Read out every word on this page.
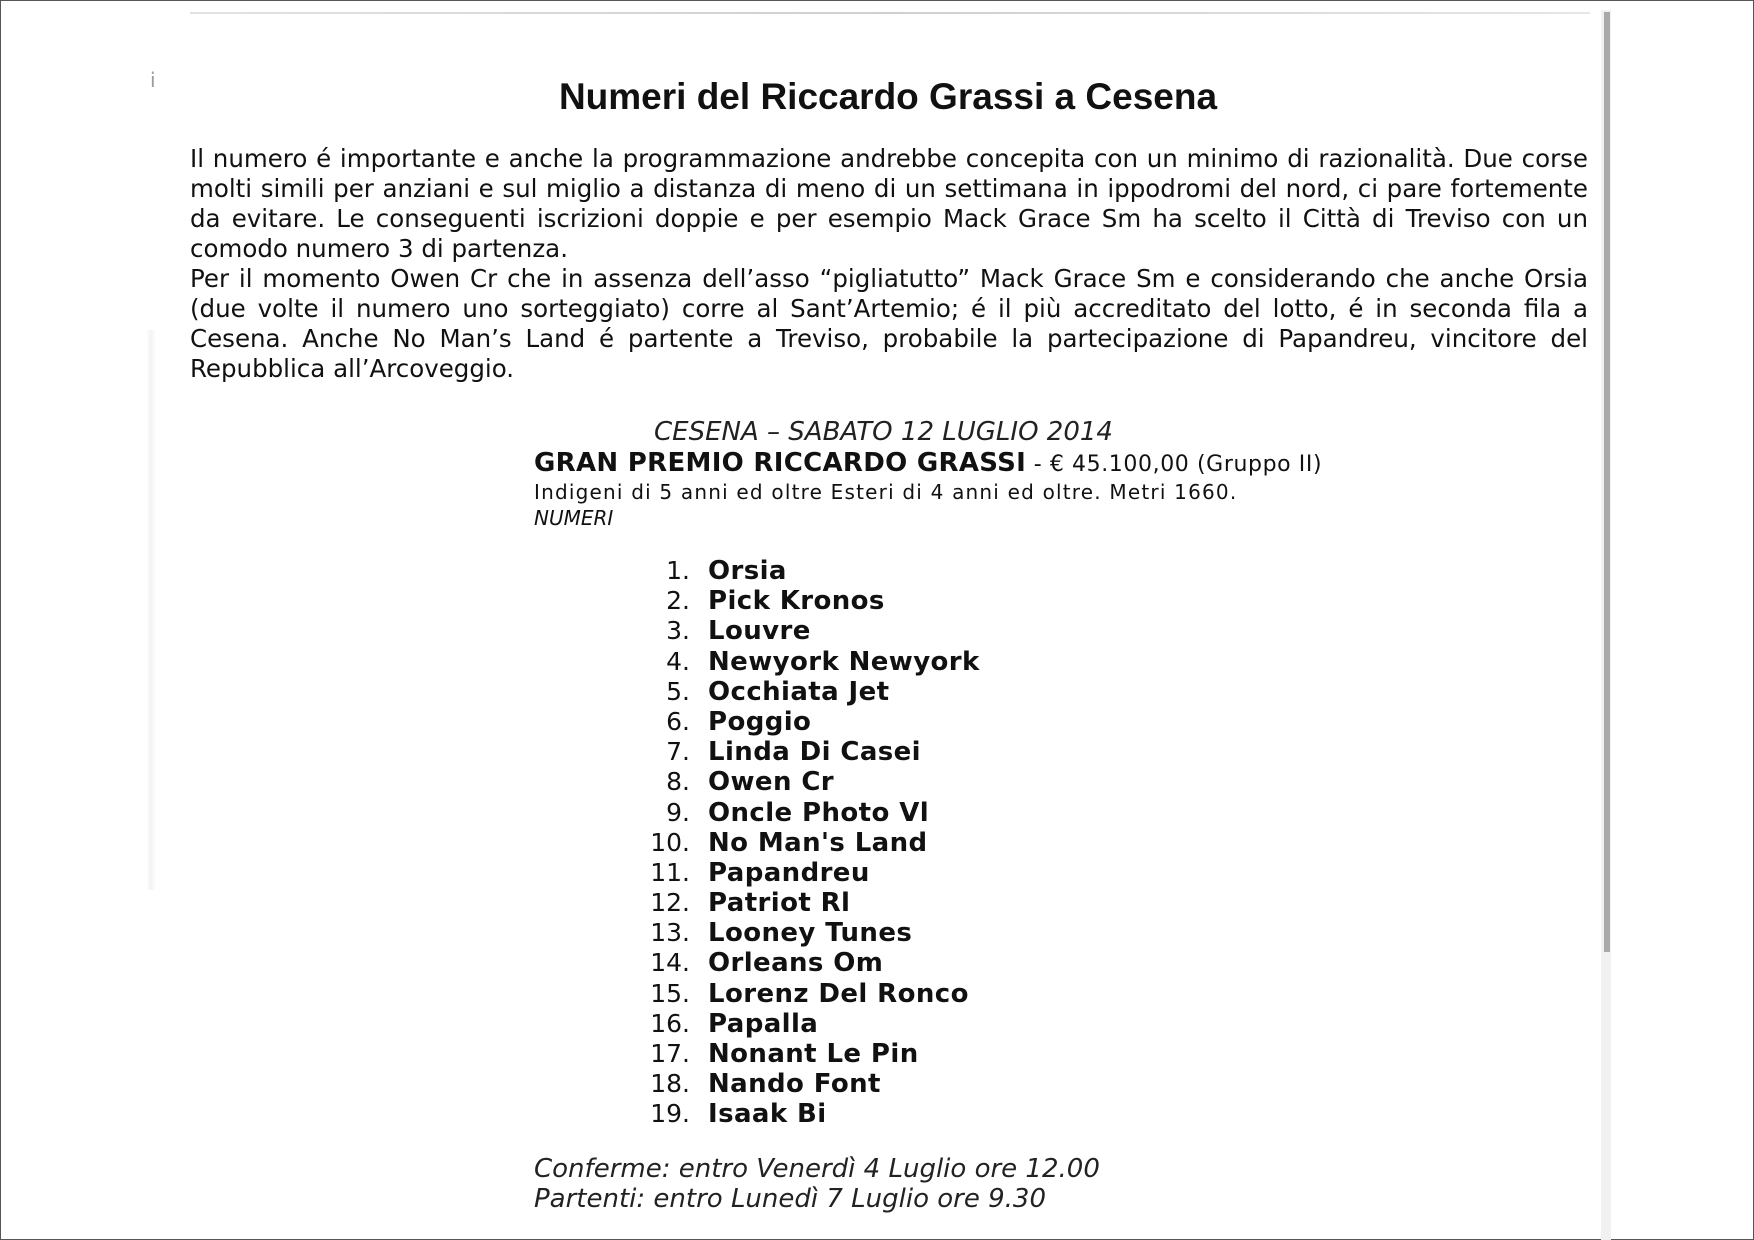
i	Numeri del Riccardo Grassi a Cesena

Il numero é importante e anche la programmazione andrebbe concepita con un minimo di razionalità. Due corse molti simili per anziani e sul miglio a distanza di meno di un settimana in ippodromi del nord, ci pare fortemente da evitare. Le conseguenti iscrizioni doppie e per esempio Mack Grace Sm ha scelto il Città di Treviso con un comodo numero 3 di partenza.

Per il momento Owen Cr che in assenza dell’asso “pigliatutto” Mack Grace Sm e considerando che anche Orsia (due volte il numero uno sorteggiato) corre al Sant’Artemio; é il più accreditato del lotto, é in seconda fila a Cesena. Anche No Man’s Land é partente a Treviso, probabile la partecipazione di Papandreu, vincitore del Repubblica all’Arcoveggio.

CESENA – SABATO 12 LUGLIO 2014
GRAN PREMIO RICCARDO GRASSI - € 45.100,00 (Gruppo II)
Indigeni di 5 anni ed oltre Esteri di 4 anni ed oltre. Metri 1660.
NUMERI
1. Orsia
2. Pick Kronos
3. Louvre
4. Newyork Newyork
5. Occhiata Jet
6. Poggio
7. Linda Di Casei
8. Owen Cr
9. Oncle Photo Vl
10. No Man's Land
11. Papandreu
12. Patriot Rl
13. Looney Tunes
14. Orleans Om
15. Lorenz Del Ronco
16. Papalla
17. Nonant Le Pin
18. Nando Font
19. Isaak Bi
Conferme: entro Venerdì 4 Luglio ore 12.00
Partenti: entro Lunedì 7 Luglio ore 9.30
